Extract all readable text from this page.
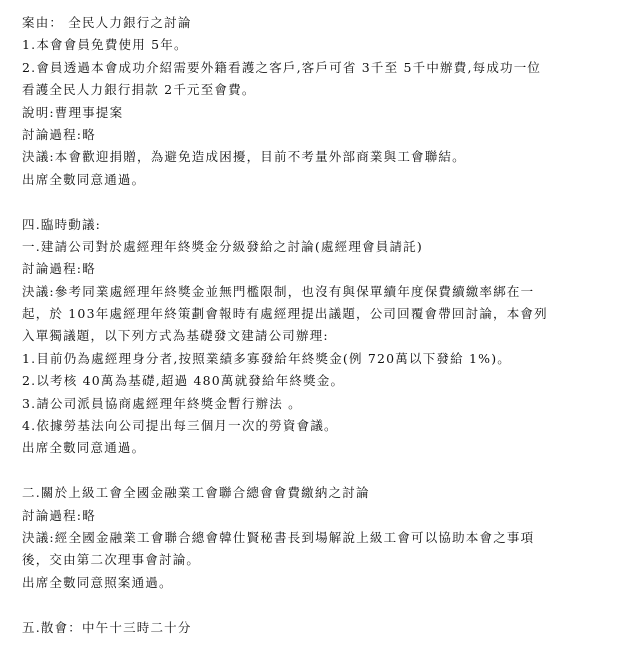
案由： 全民人力銀行之討論
1.本會會員免費使用 5年。
2.會員透過本會成功介紹需要外籍看護之客戶,客戶可省 3千至 5千中辦費,每成功一位
看護全民人力銀行捐款 2千元至會費。
說明:曹理事提案
討論過程:略
決議:本會歡迎捐贈，為避免造成困擾，目前不考量外部商業與工會聯結。
出席全數同意通過。
四.臨時動議:
一.建請公司對於處經理年終獎金分級發給之討論(處經理會員請託)
討論過程:略
決議:參考同業處經理年終獎金並無門檻限制，也沒有與保單續年度保費續繳率綁在一
起，於 103年處經理年終策劃會報時有處經理提出議題，公司回覆會帶回討論，本會列
入單獨議題，以下列方式為基礎發文建請公司辦理:
1.目前仍為處經理身分者,按照業績多寡發給年終獎金(例 720萬以下發給 1%)。
2.以考核 40萬為基礎,超過 480萬就發給年終獎金。
3.請公司派員協商處經理年終獎金暫行辦法 。
4.依據勞基法向公司提出每三個月一次的勞資會議。
出席全數同意通過。
二.關於上級工會全國金融業工會聯合總會會費繳納之討論
討論過程:略
決議:經全國金融業工會聯合總會韓仕賢秘書長到場解說上級工會可以協助本會之事項
後，交由第二次理事會討論。
出席全數同意照案通過。
五.散會：中午十三時二十分
